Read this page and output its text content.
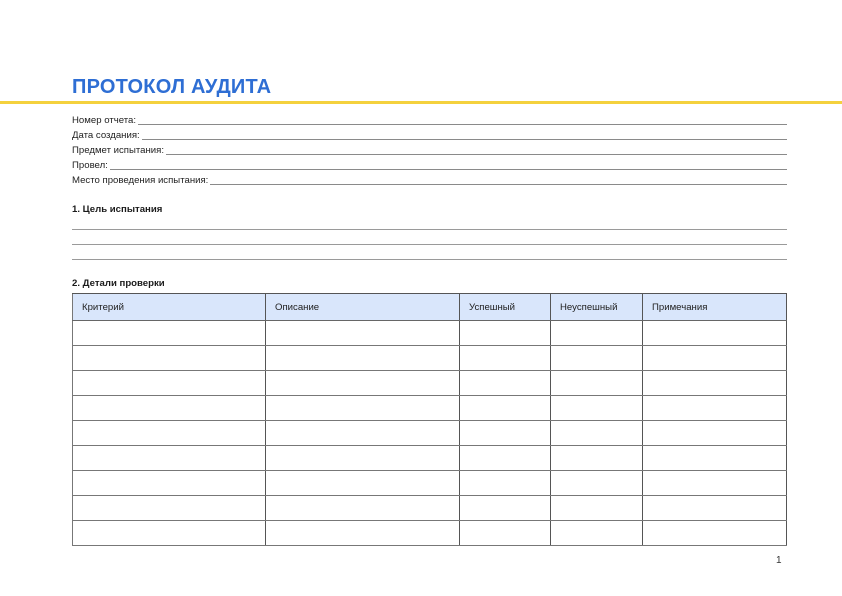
ПРОТОКОЛ АУДИТА
Номер отчета:
Дата создания:
Предмет испытания:
Провел:
Место проведения испытания:
1. Цель испытания
2. Детали проверки
Критерий	Описание	Успешный	Неуспешный	Примечания

1
